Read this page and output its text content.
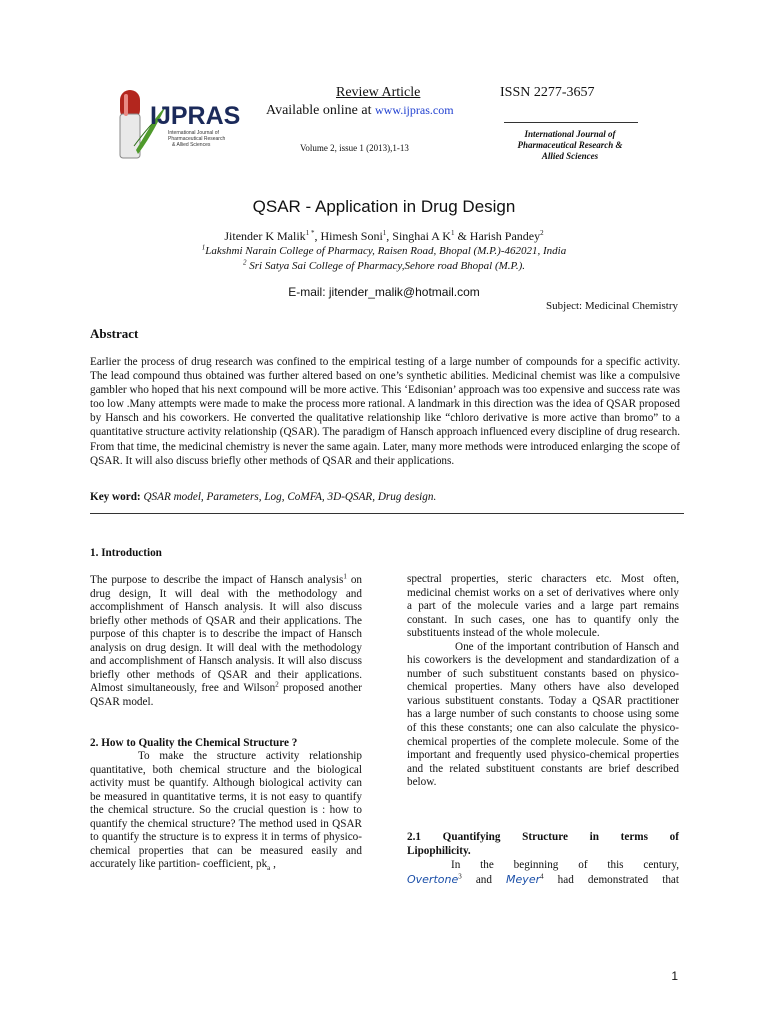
IJPRAS
International Journal of
Pharmaceutical Research
& Allied Sciences
Review Article	ISSN 2277-3657
Available online at www.ijpras.com
Volume 2, issue 1 (2013),1-13
International Journal of
Pharmaceutical Research &
Allied Sciences
QSAR - Application in Drug Design
Jitender K Malik$^{1 *}$, Himesh Soni$^1$, Singhai A $K^1$ & Harish Pandey$^2$
$^1$Lakshmi Narain College of Pharmacy, Raisen Road, Bhopal (M.P.)-462021, India
$^2$ Sri Satya Sai College of Pharmacy,Sehore road Bhopal (M.P.).
E-mail: jitender_malik@hotmail.com
Subject: Medicinal Chemistry
Abstract
Earlier the process of drug research was confined to the empirical testing of a large number of compounds for a specific activity. The lead compound thus obtained was further altered based on one’s synthetic abilities. Medicinal chemist was like a compulsive gambler who hoped that his next compound will be more active. This ‘Edisonian’ approach was too expensive and success rate was too low .Many attempts were made to make the process more rational. A landmark in this direction was the idea of QSAR proposed by Hansch and his coworkers. He converted the qualitative relationship like “chloro derivative is more active than bromo” to a quantitative structure activity relationship (QSAR). The paradigm of Hansch approach influenced every discipline of drug research. From that time, the medicinal chemistry is never the same again. Later, many more methods were introduced enlarging the scope of QSAR. It will also discuss briefly other methods of QSAR and their applications.
Key word: QSAR model, Parameters, Log, CoMFA, 3D-QSAR, Drug design.
1. Introduction

The purpose to describe the impact of Hansch analysis$^1$ on drug design, It will deal with the methodology and accomplishment of Hansch analysis. It will also discuss briefly other methods of QSAR and their applications. The purpose of this chapter is to describe the impact of Hansch analysis on drug design. It will deal with the methodology and accomplishment of Hansch analysis. It will also discuss briefly other methods of QSAR and their applications. Almost simultaneously, free and Wilson$^2$ proposed another QSAR model.

2. How to Quality the Chemical Structure ?

To make the structure activity relationship quantitative, both chemical structure and the biological activity must be quantify. Although biological activity can be measured in quantitative terms, it is not easy to quantify the chemical structure. So the crucial question is : how to quantify the chemical structure? The method used in QSAR to quantify the structure is to express it in terms of physico-chemical properties that can be measured easily and accurately like partition- coefficient, $pk_a$ ,

spectral properties, steric characters etc. Most often, medicinal chemist works on a set of derivatives where only a part of the molecule varies and a large part remains constant. In such cases, one has to quantify only the substituents instead of the whole molecule.

One of the important contribution of Hansch and his coworkers is the development and standardization of a number of such substituent constants based on physico-chemical properties. Many others have also developed various substituent constants. Today a QSAR practitioner has a large number of such constants to choose using some of this these constants; one can also calculate the physico-chemical properties of the complete molecule. Some of the important and frequently used physico-chemical properties and the related substituent constants are brief described below.

2.1 Quantifying Structure in terms of
Lipophilicity.

In the beginning of this century,

Overtone$^3$ and Meyer$^4$ had demonstrated that

1
